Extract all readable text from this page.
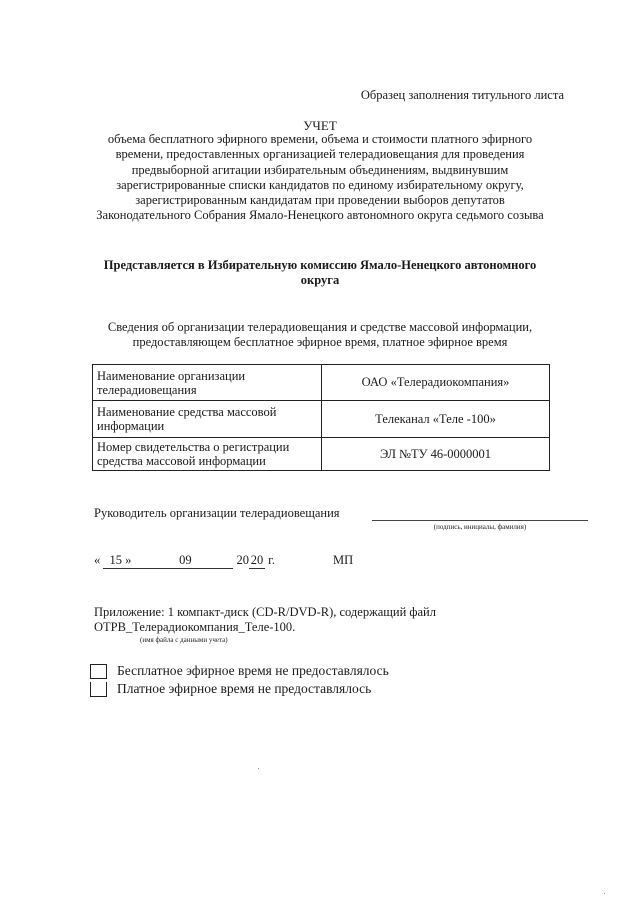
Образец заполнения титульного листа
УЧЕТ
объема бесплатного эфирного времени, объема и стоимости платного эфирного
времени, предоставленных организацией телерадиовещания для проведения
предвыборной агитации избирательным объединениям, выдвинувшим
зарегистрированные списки кандидатов по единому избирательному округу,
зарегистрированным кандидатам при проведении выборов депутатов
Законодательного Собрания Ямало-Ненецкого автономного округа седьмого созыва
Представляется в Избирательную комиссию Ямало-Ненецкого автономного
округа
Сведения об организации телерадиовещания и средстве массовой информации,
предоставляющем бесплатное эфирное время, платное эфирное время
Наименование организации телерадиовещания	ОАО «Телерадиокомпания»
Наименование средства массовой информации	Телеканал «Теле -100»
Номер свидетельства о регистрации средства массовой информации	ЭЛ №ТУ 46-0000001
Руководитель организации телерадиовещания
(подпись, инициалы, фамилия)
« 15 »	09	20 20 г.	МП
Приложение: 1 компакт-диск (CD-R/DVD-R), содержащий файл
ОТРВ_Телерадиокомпания_Теле-100.
(имя файла с данными учета)
Бесплатное эфирное время не предоставлялось
Платное эфирное время не предоставлялось
